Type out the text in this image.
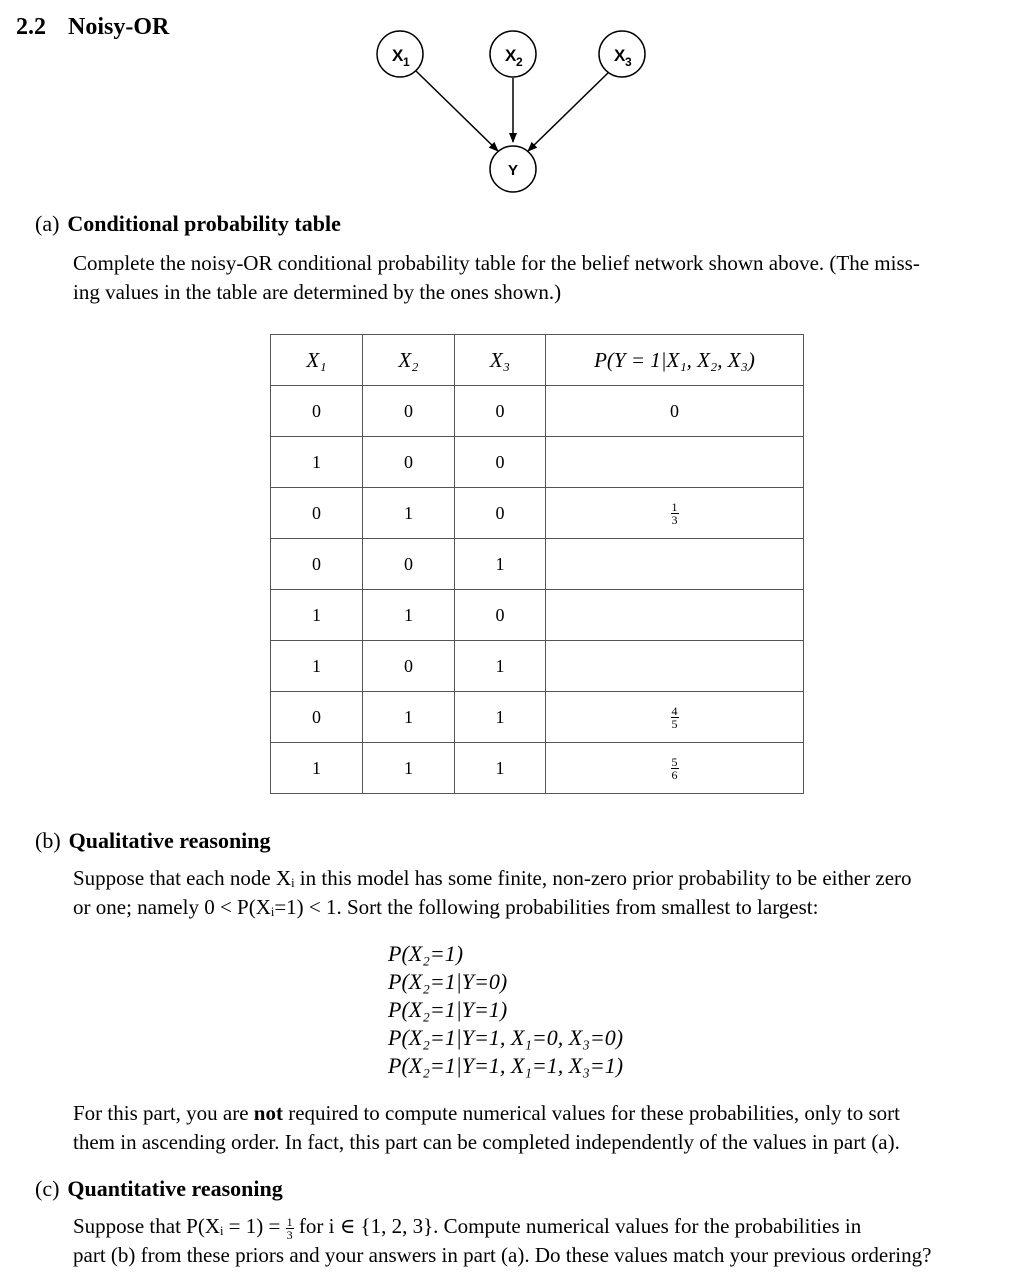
2.2 Noisy-OR
X 1	X 2	X 3
Y
(a) Conditional probability table
Complete the noisy-OR conditional probability table for the belief network shown above. (The miss-
ing values in the table are determined by the ones shown.)
X₁	X₂	X₃	P(Y = 1|X₁, X₂, X₃)
0	0	0	0
1	0	0	
0	1	0	$\frac{1}{3}$

0	0	1	
1	1	0	
1	0	1	
0	1	1	$\frac{4}{5}$

1	1	1	$\frac{5}{6}$
(b) Qualitative reasoning
Suppose that each node Xᵢ in this model has some finite, non-zero prior probability to be either zero
or one; namely 0 < P(Xᵢ=1) < 1. Sort the following probabilities from smallest to largest:
P(X₂=1)
P(X₂=1|Y=0)
P(X₂=1|Y=1)
P(X₂=1|Y=1, X₁=0, X₃=0)
P(X₂=1|Y=1, X₁=1, X₃=1)
For this part, you are not required to compute numerical values for these probabilities, only to sort
them in ascending order. In fact, this part can be completed independently of the values in part (a).
(c) Quantitative reasoning
Suppose that P(Xᵢ = $1) = \frac{1}{3}$ for i ∈ {1, 2, 3}. Compute numerical values for the probabilities in
part (b) from these priors and your answers in part (a). Do these values match your previous ordering?
